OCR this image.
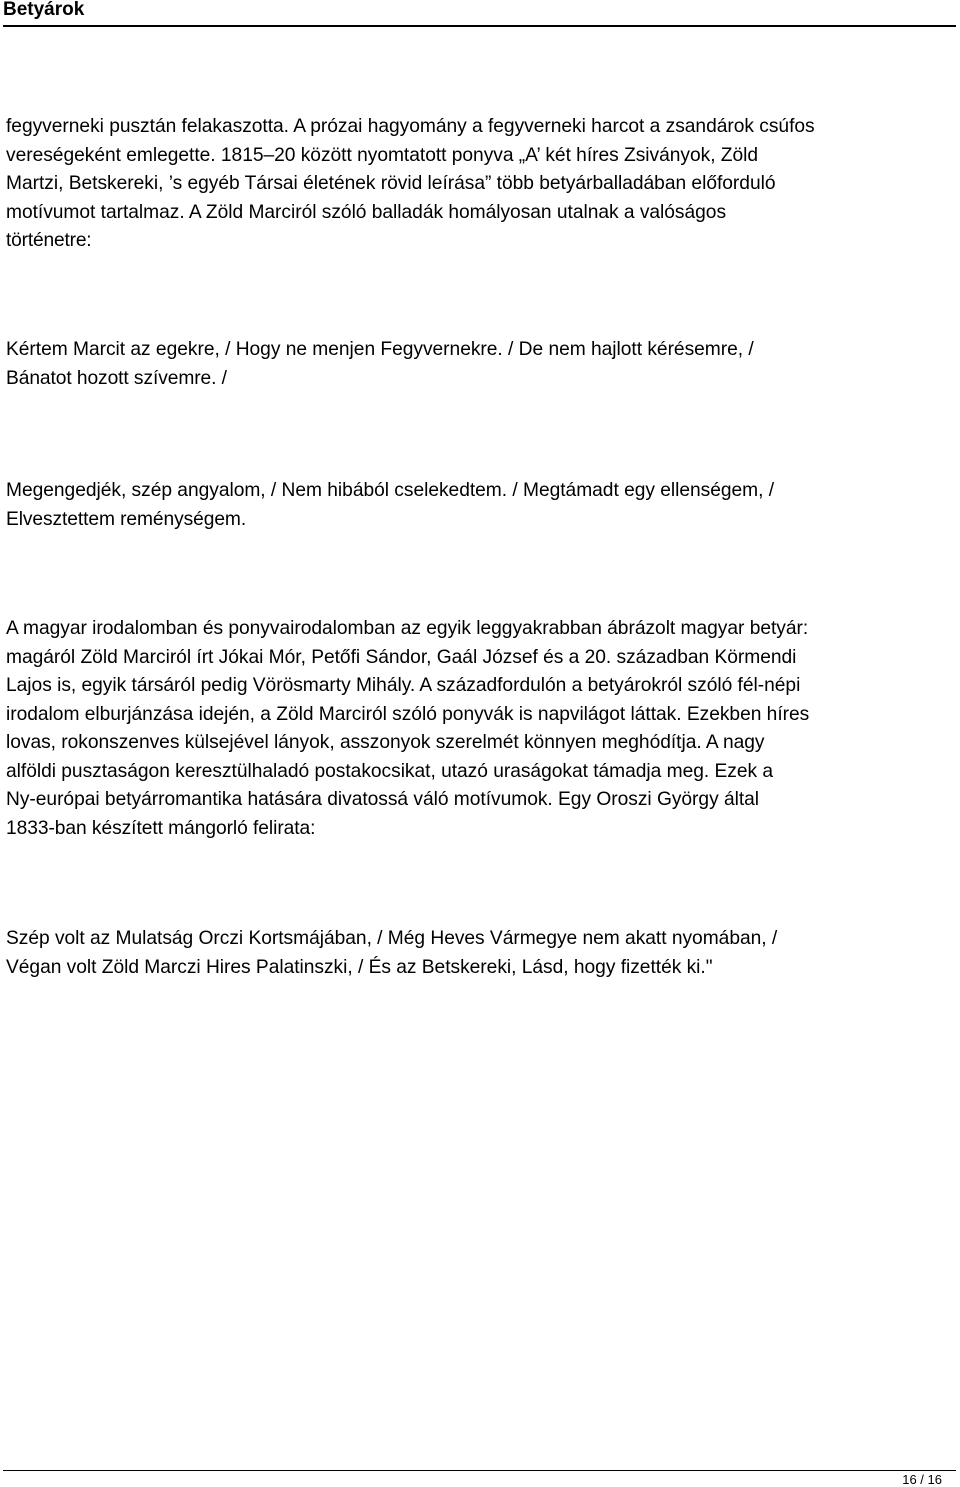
Betyárok
fegyverneki pusztán felakaszotta. A prózai hagyomány a fegyverneki harcot a zsandárok csúfos
vereségeként emlegette. 1815–20 között nyomtatott ponyva „A’ két híres Zsiványok, Zöld
Martzi, Betskereki, ’s egyéb Társai életének rövid leírása” több betyárballadában előforduló
motívumot tartalmaz. A Zöld Marciról szóló balladák homályosan utalnak a valóságos
történetre:
Kértem Marcit az egekre, / Hogy ne menjen Fegyvernekre. / De nem hajlott kérésemre, /
Bánatot hozott szívemre. /
Megengedjék, szép angyalom, / Nem hibából cselekedtem. / Megtámadt egy ellenségem, /
Elvesztettem reménységem.
A magyar irodalomban és ponyvairodalomban az egyik leggyakrabban ábrázolt magyar betyár:
magáról Zöld Marciról írt Jókai Mór, Petőfi Sándor, Gaál József és a 20. században Körmendi
Lajos is, egyik társáról pedig Vörösmarty Mihály. A századfordulón a betyárokról szóló fél-népi
irodalom elburjánzása idején, a Zöld Marciról szóló ponyvák is napvilágot láttak. Ezekben híres
lovas, rokonszenves külsejével lányok, asszonyok szerelmét könnyen meghódítja. A nagy
alföldi pusztaságon keresztülhaladó postakocsikat, utazó uraságokat támadja meg. Ezek a
Ny-európai betyárromantika hatására divatossá váló motívumok. Egy Oroszi György által
1833-ban készített mángorló felirata:
Szép volt az Mulatság Orczi Kortsmájában, / Még Heves Vármegye nem akatt nyomában, /
Végan volt Zöld Marczi Hires Palatinszki, / És az Betskereki, Lásd, hogy fizették ki."
16 / 16
